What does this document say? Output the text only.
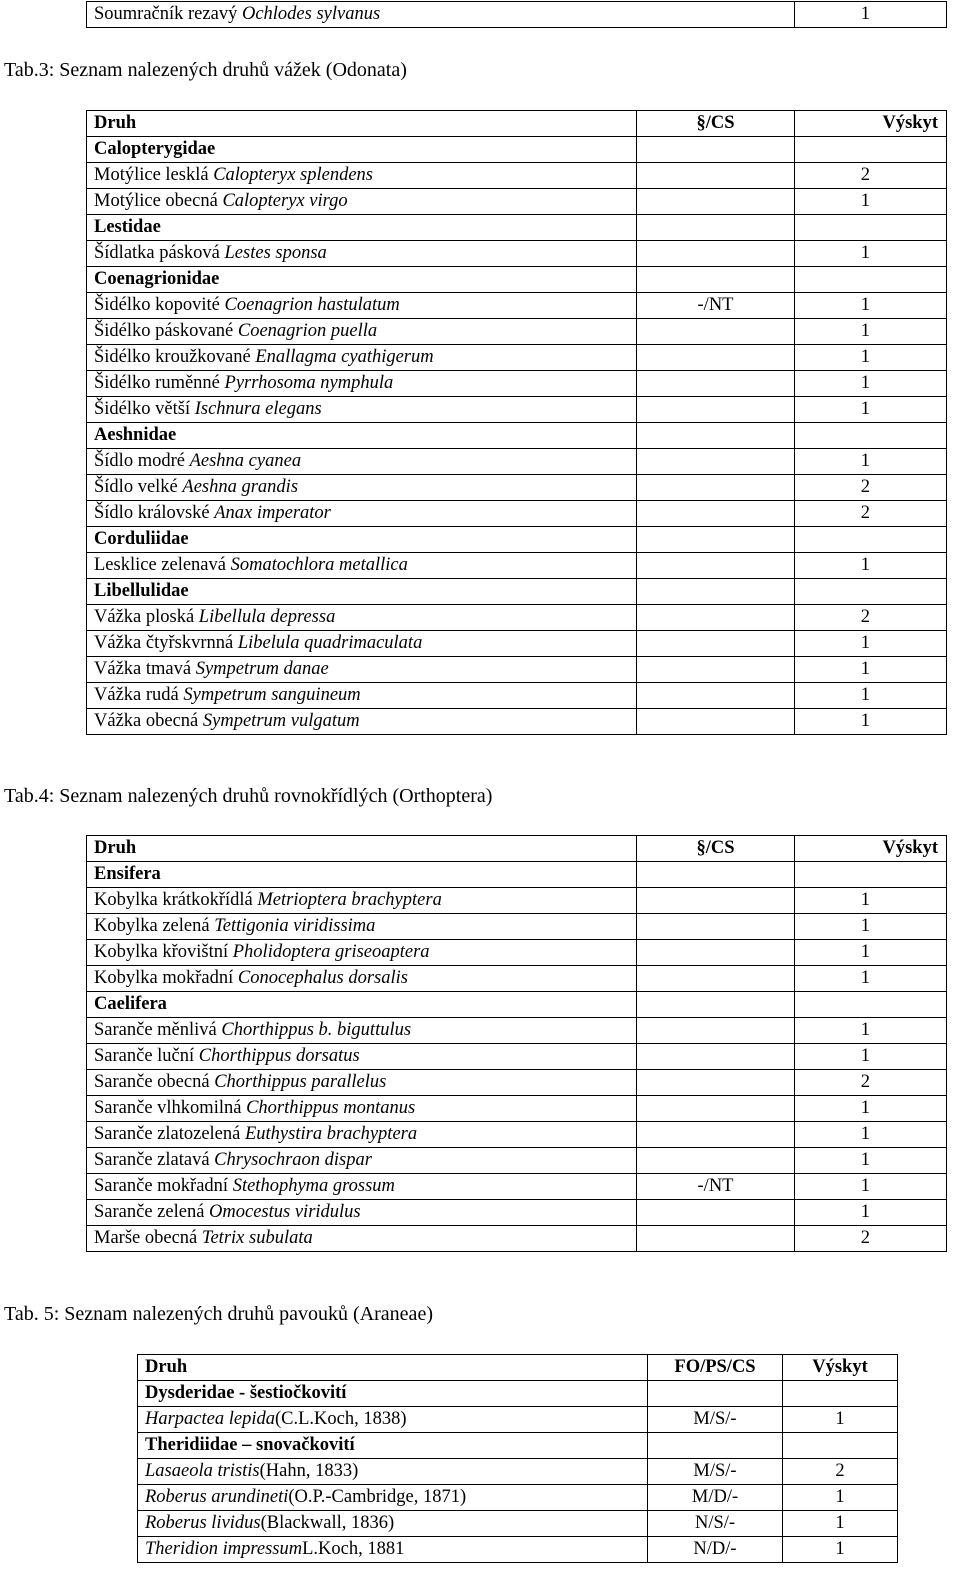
Soumračník rezavý Ochlodes sylvanus		1

Tab.3: Seznam nalezených druhů vážek (Odonata)

Druh	§/CS	Výskyt
Calopterygidae		
Motýlice lesklá Calopteryx splendens		2
Motýlice obecná Calopteryx virgo		1
Lestidae		
Šídlatka pásková Lestes sponsa		1
Coenagrionidae		
Šidélko kopovité Coenagrion hastulatum	-/NT	1
Šidélko páskované Coenagrion puella		1
Šidélko kroužkované Enallagma cyathigerum		1
Šidélko ruměnné Pyrrhosoma nymphula		1
Šidélko větší Ischnura elegans		1
Aeshnidae		
Šídlo modré Aeshna cyanea		1
Šídlo velké Aeshna grandis		2
Šídlo královské Anax imperator		2
Corduliidae		
Lesklice zelenavá Somatochlora metallica		1
Libellulidae		
Vážka ploská Libellula depressa		2
Vážka čtyřskvrnná Libelula quadrimaculata		1
Vážka tmavá Sympetrum danae		1
Vážka rudá Sympetrum sanguineum		1
Vážka obecná Sympetrum vulgatum		1

Tab.4: Seznam nalezených druhů rovnokřídlých (Orthoptera)

Druh	§/CS	Výskyt
Ensifera		
Kobylka krátkokřídlá Metrioptera brachyptera		1
Kobylka zelená Tettigonia viridissima		1
Kobylka křovištní Pholidoptera griseoaptera		1
Kobylka mokřadní Conocephalus dorsalis		1
Caelifera		
Saranče měnlivá Chorthippus b. biguttulus		1
Saranče luční Chorthippus dorsatus		1
Saranče obecná Chorthippus parallelus		2
Saranče vlhkomilná Chorthippus montanus		1
Saranče zlatozelená Euthystira brachyptera		1
Saranče zlatavá Chrysochraon dispar		1
Saranče mokřadní Stethophyma grossum	-/NT	1
Saranče zelená Omocestus viridulus		1
Marše obecná Tetrix subulata		2

Tab. 5: Seznam nalezených druhů pavouků (Araneae)

Druh	FO/PS/CS	Výskyt
Dysderidae - šestiočkovití		
Harpactea lepida(C.L.Koch, 1838)	M/S/-	1
Theridiidae – snovačkovití		
Lasaeola tristis(Hahn, 1833)	M/S/-	2
Roberus arundineti(O.P.-Cambridge, 1871)	M/D/-	1
Roberus lividus(Blackwall, 1836)	N/S/-	1
Theridion impressumL.Koch, 1881	N/D/-	1
